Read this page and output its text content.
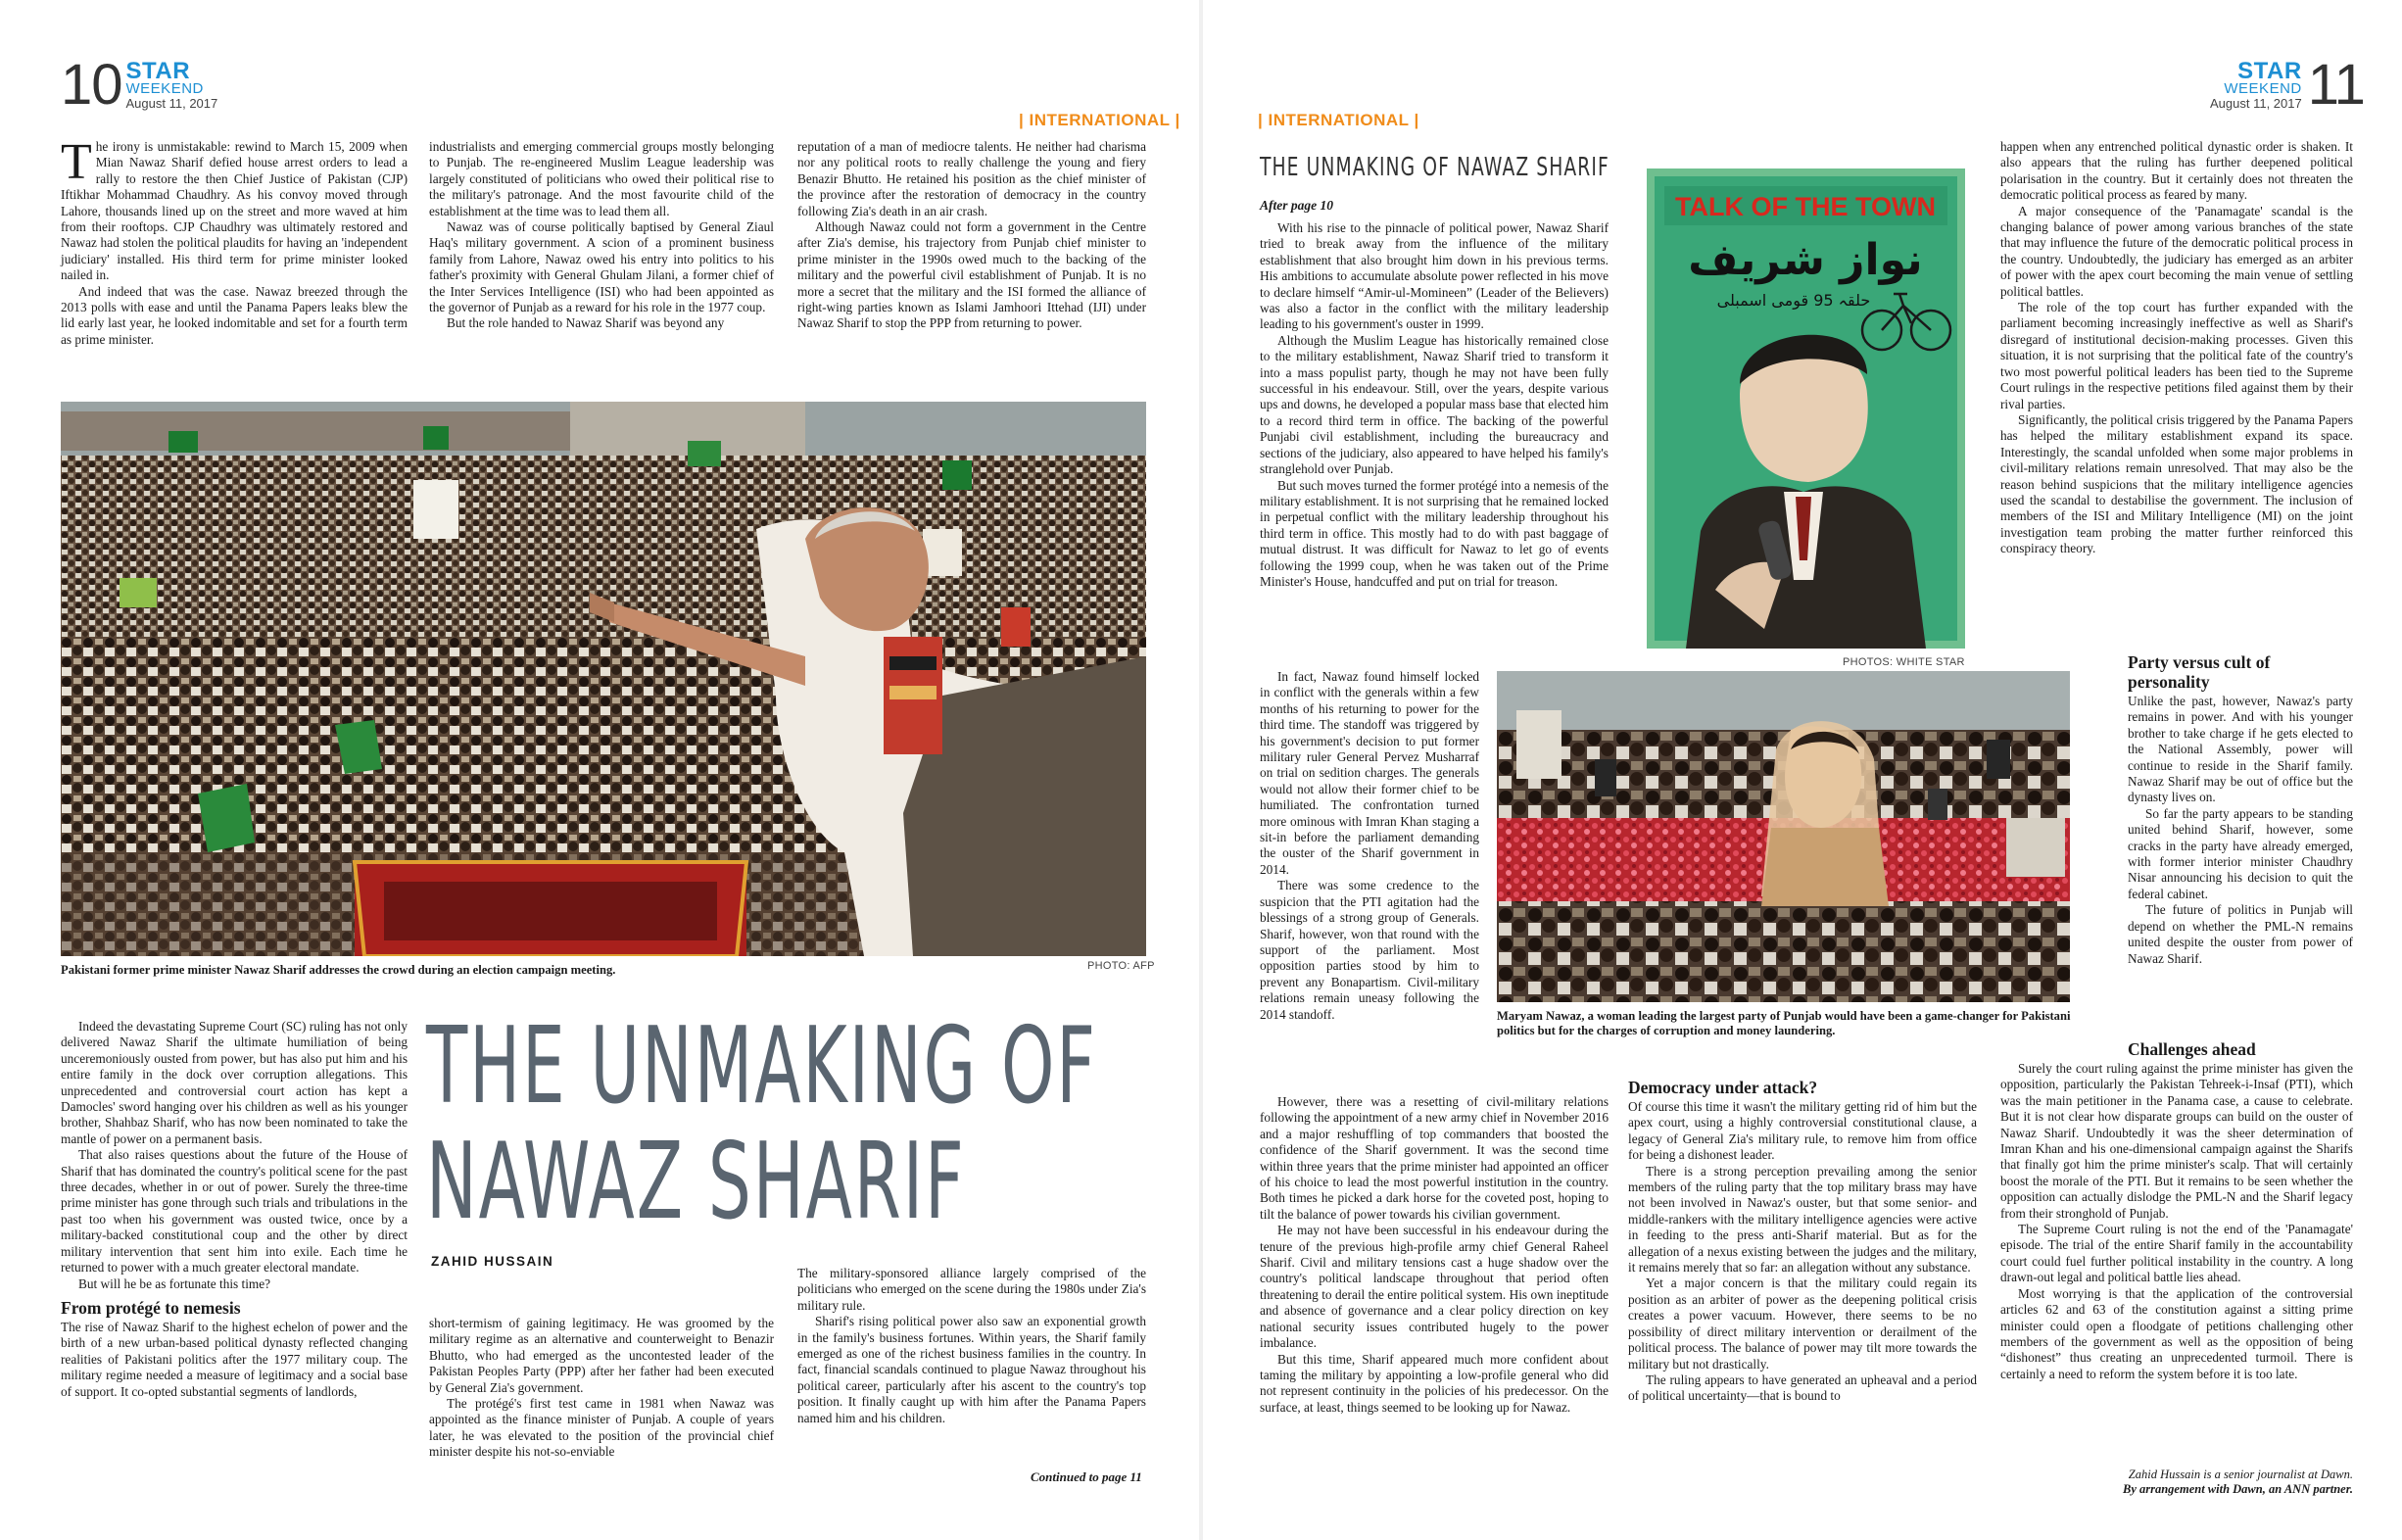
10 STAR
WEEKEND
August 11, 2017
| INTERNATIONAL |

The irony is unmistakable: rewind to March 15, 2009 when Mian Nawaz Sharif defied house arrest orders to lead a rally to restore the then Chief Justice of Pakistan (CJP) Iftikhar Mohammad Chaudhry. As his convoy moved through Lahore, thousands lined up on the street and more waved at him from their rooftops. CJP Chaudhry was ultimately restored and Nawaz had stolen the political plaudits for having an 'independent judiciary' installed. His third term for prime minister looked nailed in.

And indeed that was the case. Nawaz breezed through the 2013 polls with ease and until the Panama Papers leaks blew the lid early last year, he looked indomitable and set for a fourth term as prime minister.

industrialists and emerging commercial groups mostly belonging to Punjab. The re-engineered Muslim League leadership was largely constituted of politicians who owed their political rise to the military's patronage. And the most favourite child of the establishment at the time was to lead them all.

Nawaz was of course politically baptised by General Ziaul Haq's military government. A scion of a prominent business family from Lahore, Nawaz owed his entry into politics to his father's proximity with General Ghulam Jilani, a former chief of the Inter Services Intelligence (ISI) who had been appointed as the governor of Punjab as a reward for his role in the 1977 coup.

But the role handed to Nawaz Sharif was beyond any

reputation of a man of mediocre talents. He neither had charisma nor any political roots to really challenge the young and fiery Benazir Bhutto. He retained his position as the chief minister of the province after the restoration of democracy in the country following Zia's death in an air crash.

Although Nawaz could not form a government in the Centre after Zia's demise, his trajectory from Punjab chief minister to prime minister in the 1990s owed much to the backing of the military and the powerful civil establishment of Punjab. It is no more a secret that the military and the ISI formed the alliance of right-wing parties known as Islami Jamhoori Ittehad (IJI) under Nawaz Sharif to stop the PPP from returning to power.

Pakistani former prime minister Nawaz Sharif addresses the crowd during an election campaign meeting.	PHOTO: AFP

Indeed the devastating Supreme Court (SC) ruling has not only delivered Nawaz Sharif the ultimate humiliation of being unceremoniously ousted from power, but has also put him and his entire family in the dock over corruption allegations. This unprecedented and controversial court action has kept a Damocles' sword hanging over his children as well as his younger brother, Shahbaz Sharif, who has now been nominated to take the mantle of power on a permanent basis.

That also raises questions about the future of the House of Sharif that has dominated the country's political scene for the past three decades, whether in or out of power. Surely the three-time prime minister has gone through such trials and tribulations in the past too when his government was ousted twice, once by a military-backed constitutional coup and the other by direct military intervention that sent him into exile. Each time he returned to power with a much greater electoral mandate.

But will he be as fortunate this time?

From protégé to nemesis

The rise of Nawaz Sharif to the highest echelon of power and the birth of a new urban-based political dynasty reflected changing realities of Pakistani politics after the 1977 military coup. The military regime needed a measure of legitimacy and a social base of support. It co-opted substantial segments of landlords,

THE UNMAKING OF
NAWAZ SHARIF
ZAHID HUSSAIN

short-termism of gaining legitimacy. He was groomed by the military regime as an alternative and counterweight to Benazir Bhutto, who had emerged as the uncontested leader of the Pakistan Peoples Party (PPP) after her father had been executed by General Zia's government.

The protégé's first test came in 1981 when Nawaz was appointed as the finance minister of Punjab. A couple of years later, he was elevated to the position of the provincial chief minister despite his not-so-enviable

The military-sponsored alliance largely comprised of the politicians who emerged on the scene during the 1980s under Zia's military rule.

Sharif's rising political power also saw an exponential growth in the family's business fortunes. Within years, the Sharif family emerged as one of the richest business families in the country. In fact, financial scandals continued to plague Nawaz throughout his political career, particularly after his ascent to the country's top position. It finally caught up with him after the Panama Papers named him and his children.

Continued to page 11
STAR
WEEKEND
August 11, 2017 11
| INTERNATIONAL |
THE UNMAKING OF NAWAZ SHARIF
After page 10

With his rise to the pinnacle of political power, Nawaz Sharif tried to break away from the influence of the military establishment that also brought him down in his previous terms. His ambitions to accumulate absolute power reflected in his move to declare himself “Amir-ul-Momineen” (Leader of the Believers) was also a factor in the conflict with the military leadership leading to his government's ouster in 1999.

Although the Muslim League has historically remained close to the military establishment, Nawaz Sharif tried to transform it into a mass populist party, though he may not have been fully successful in his endeavour. Still, over the years, despite various ups and downs, he developed a popular mass base that elected him to a record third term in office. The backing of the powerful Punjabi civil establishment, including the bureaucracy and sections of the judiciary, also appeared to have helped his family's stranglehold over Punjab.

But such moves turned the former protégé into a nemesis of the military establishment. It is not surprising that he remained locked in perpetual conflict with the military leadership throughout his third term in office. This mostly had to do with past baggage of mutual distrust. It was difficult for Nawaz to let go of events following the 1999 coup, when he was taken out of the Prime Minister's House, handcuffed and put on trial for treason.

In fact, Nawaz found himself locked in conflict with the generals within a few months of his returning to power for the third time. The standoff was triggered by his government's decision to put former military ruler General Pervez Musharraf on trial on sedition charges. The generals would not allow their former chief to be humiliated. The confrontation turned more ominous with Imran Khan staging a sit-in before the parliament demanding the ouster of the Sharif government in 2014.

There was some credence to the suspicion that the PTI agitation had the blessings of a strong group of Generals. Sharif, however, won that round with the support of the parliament. Most opposition parties stood by him to prevent any Bonapartism. Civil-military relations remain uneasy following the 2014 standoff.

However, there was a resetting of civil-military relations following the appointment of a new army chief in November 2016 and a major reshuffling of top commanders that boosted the confidence of the Sharif government. It was the second time within three years that the prime minister had appointed an officer of his choice to lead the most powerful institution in the country. Both times he picked a dark horse for the coveted post, hoping to tilt the balance of power towards his civilian government.

He may not have been successful in his endeavour during the tenure of the previous high-profile army chief General Raheel Sharif. Civil and military tensions cast a huge shadow over the country's political landscape throughout that period often threatening to derail the entire political system. His own ineptitude and absence of governance and a clear policy direction on key national security issues contributed hugely to the power imbalance.

But this time, Sharif appeared much more confident about taming the military by appointing a low-profile general who did not represent continuity in the policies of his predecessor. On the surface, at least, things seemed to be looking up for Nawaz.

TALK OF THE TOWN
نواز شریف
حلقہ 95 قومی اسمبلی
PHOTOS: WHITE STAR
Maryam Nawaz, a woman leading the largest party of Punjab would have been a game-changer for Pakistani politics but for the charges of corruption and money laundering.
Democracy under attack?

Of course this time it wasn't the military getting rid of him but the apex court, using a highly controversial constitutional clause, a legacy of General Zia's military rule, to remove him from office for being a dishonest leader.

There is a strong perception prevailing among the senior members of the ruling party that the top military brass may have not been involved in Nawaz's ouster, but that some senior- and middle-rankers with the military intelligence agencies were active in feeding to the press anti-Sharif material. But as for the allegation of a nexus existing between the judges and the military, it remains merely that so far: an allegation without any substance.

Yet a major concern is that the military could regain its position as an arbiter of power as the deepening political crisis creates a power vacuum. However, there seems to be no possibility of direct military intervention or derailment of the political process. The balance of power may tilt more towards the military but not drastically.

The ruling appears to have generated an upheaval and a period of political uncertainty—that is bound to

happen when any entrenched political dynastic order is shaken. It also appears that the ruling has further deepened political polarisation in the country. But it certainly does not threaten the democratic political process as feared by many.

A major consequence of the 'Panamagate' scandal is the changing balance of power among various branches of the state that may influence the future of the democratic political process in the country. Undoubtedly, the judiciary has emerged as an arbiter of power with the apex court becoming the main venue of settling political battles.

The role of the top court has further expanded with the parliament becoming increasingly ineffective as well as Sharif's disregard of institutional decision-making processes. Given this situation, it is not surprising that the political fate of the country's two most powerful political leaders has been tied to the Supreme Court rulings in the respective petitions filed against them by their rival parties.

Significantly, the political crisis triggered by the Panama Papers has helped the military establishment expand its space. Interestingly, the scandal unfolded when some major problems in civil-military relations remain unresolved. That may also be the reason behind suspicions that the military intelligence agencies used the scandal to destabilise the government. The inclusion of members of the ISI and Military Intelligence (MI) on the joint investigation team probing the matter further reinforced this conspiracy theory.

Party versus cult of personality

Unlike the past, however, Nawaz's party remains in power. And with his younger brother to take charge if he gets elected to the National Assembly, power will continue to reside in the Sharif family. Nawaz Sharif may be out of office but the dynasty lives on.

So far the party appears to be standing united behind Sharif, however, some cracks in the party have already emerged, with former interior minister Chaudhry Nisar announcing his decision to quit the federal cabinet.

The future of politics in Punjab will depend on whether the PML-N remains united despite the ouster from power of Nawaz Sharif.

Challenges ahead

Surely the court ruling against the prime minister has given the opposition, particularly the Pakistan Tehreek-i-Insaf (PTI), which was the main petitioner in the Panama case, a cause to celebrate. But it is not clear how disparate groups can build on the ouster of Nawaz Sharif. Undoubtedly it was the sheer determination of Imran Khan and his one-dimensional campaign against the Sharifs that finally got him the prime minister's scalp. That will certainly boost the morale of the PTI. But it remains to be seen whether the opposition can actually dislodge the PML-N and the Sharif legacy from their stronghold of Punjab.

The Supreme Court ruling is not the end of the 'Panamagate' episode. The trial of the entire Sharif family in the accountability court could fuel further political instability in the country. A long drawn-out legal and political battle lies ahead.

Most worrying is that the application of the controversial articles 62 and 63 of the constitution against a sitting prime minister could open a floodgate of petitions challenging other members of the government as well as the opposition of being “dishonest” thus creating an unprecedented turmoil. There is certainly a need to reform the system before it is too late.

Zahid Hussain is a senior journalist at Dawn.
By arrangement with Dawn, an ANN partner.
